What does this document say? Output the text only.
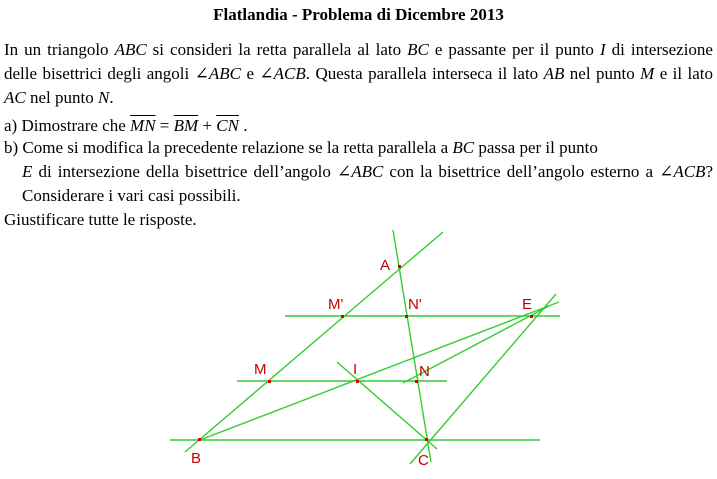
Flatlandia - Problema di Dicembre 2013
In un triangolo ABC si consideri la retta parallela al lato BC e passante per il punto I di intersezione delle bisettrici degli angoli ∠ABC e ∠ACB. Questa parallela interseca il lato AB nel punto M e il lato AC nel punto N.
a) Dimostrare che $\overline{MN} = \overline{BM} + \overline{CN}$ .
b) Come si modifica la precedente relazione se la retta parallela a BC passa per il punto
E di intersezione della bisettrice dell’angolo ∠ABC con la bisettrice dell’angolo esterno a ∠ACB? Considerare i vari casi possibili.
Giustificare tutte le risposte.
A
M'	N'	E
M	I	N
B	C
